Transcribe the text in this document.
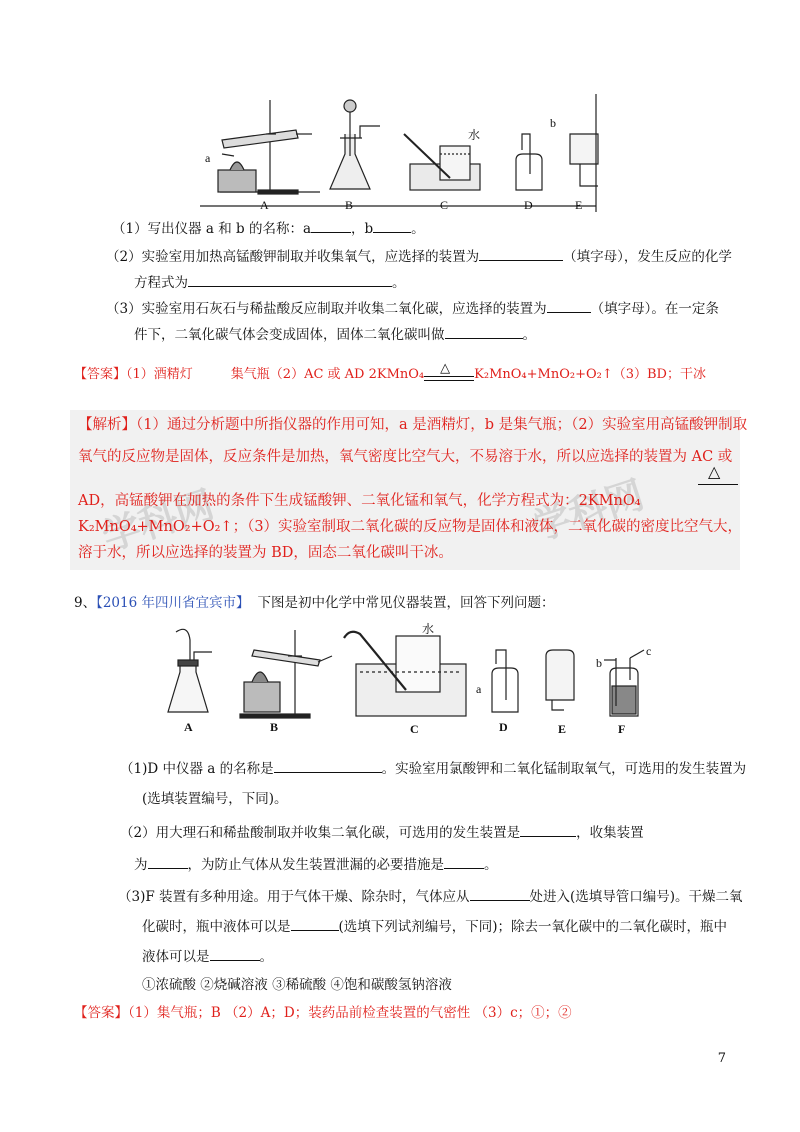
a
b
水
A	B	C	D	E
（1）写出仪器 a 和 b 的名称：a	，b	。
（2）实验室用加热高锰酸钾制取并收集氧气，应选择的装置为	（填字母），发生反应的化学
方程式为	。
（3）实验室用石灰石与稀盐酸反应制取并收集二氧化碳，应选择的装置为	（填字母）。在一定条
件下，二氧化碳气体会变成固体，固体二氧化碳叫做	。
【答案】（1）酒精灯	集气瓶（2）AC 或 AD 2KMnO₄ △ K₂MnO₄+MnO₂+O₂↑（3）BD；干冰
学科网	学科网
【解析】（1）通过分析题中所指仪器的作用可知，a 是酒精灯，b 是集气瓶；（2）实验室用高锰酸钾制取
氧气的反应物是固体，反应条件是加热，氧气密度比空气大，不易溶于水，所以应选择的装置为 AC 或
△
AD，高锰酸钾在加热的条件下生成锰酸钾、二氧化锰和氧气，化学方程式为：2KMnO₄
K₂MnO₄+MnO₂+O₂↑；（3）实验室制取二氧化碳的反应物是固体和液体，二氧化碳的密度比空气大，
溶于水，所以应选择的装置为 BD，固态二氧化碳叫干冰。
9、【2016 年四川省宜宾市】 下图是初中化学中常见仪器装置，回答下列问题：
水
a
b
c
A	B	C	D	E	F
（1)D 中仪器 a 的名称是	。实验室用氯酸钾和二氧化锰制取氧气，可选用的发生装置为
(选填装置编号，下同)。
（2）用大理石和稀盐酸制取并收集二氧化碳，可选用的发生装置是	，收集装置
为	，为防止气体从发生装置泄漏的必要措施是	。
（3)F 装置有多种用途。用于气体干燥、除杂时，气体应从	处进入(选填导管口编号)。干燥二氧
化碳时，瓶中液体可以是	(选填下列试剂编号，下同)；除去一氧化碳中的二氧化碳时，瓶中
液体可以是	。
①浓硫酸 ②烧碱溶液 ③稀硫酸 ④饱和碳酸氢钠溶液
【答案】（1）集气瓶；B （2）A；D；装药品前检查装置的气密性 （3）c；①；②
7
